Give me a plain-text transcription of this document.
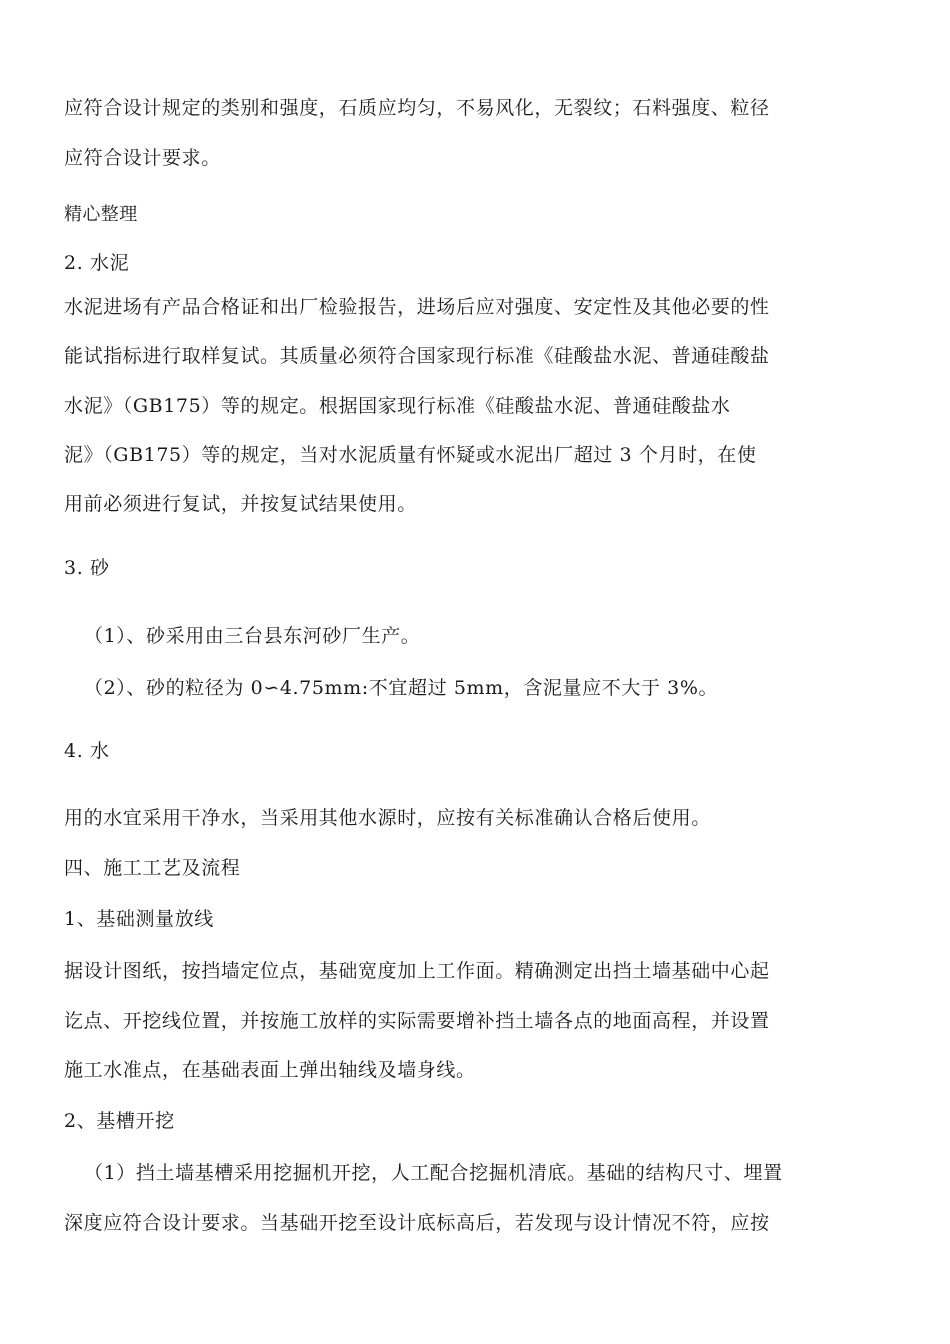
应符合设计规定的类别和强度，石质应均匀，不易风化，无裂纹；石料强度、粒径

应符合设计要求。

精心整理

2. 水泥

水泥进场有产品合格证和出厂检验报告，进场后应对强度、安定性及其他必要的性

能试指标进行取样复试。其质量必须符合国家现行标准《硅酸盐水泥、普通硅酸盐

水泥》（GB175）等的规定。根据国家现行标准《硅酸盐水泥、普通硅酸盐水

泥》（GB175）等的规定，当对水泥质量有怀疑或水泥出厂超过 3 个月时，在使

用前必须进行复试，并按复试结果使用。

3. 砂

（1）、砂采用由三台县东河砂厂生产。

（2）、砂的粒径为 0∽4.75mm:不宜超过 5mm，含泥量应不大于 3%。

4. 水

用的水宜采用干净水，当采用其他水源时，应按有关标准确认合格后使用。

四、施工工艺及流程

1、基础测量放线

据设计图纸，按挡墙定位点，基础宽度加上工作面。精确测定出挡土墙基础中心起

讫点、开挖线位置，并按施工放样的实际需要增补挡土墙各点的地面高程，并设置

施工水准点，在基础表面上弹出轴线及墙身线。

2、基槽开挖

（1）挡土墙基槽采用挖掘机开挖，人工配合挖掘机清底。基础的结构尺寸、埋置

深度应符合设计要求。当基础开挖至设计底标高后，若发现与设计情况不符，应按
